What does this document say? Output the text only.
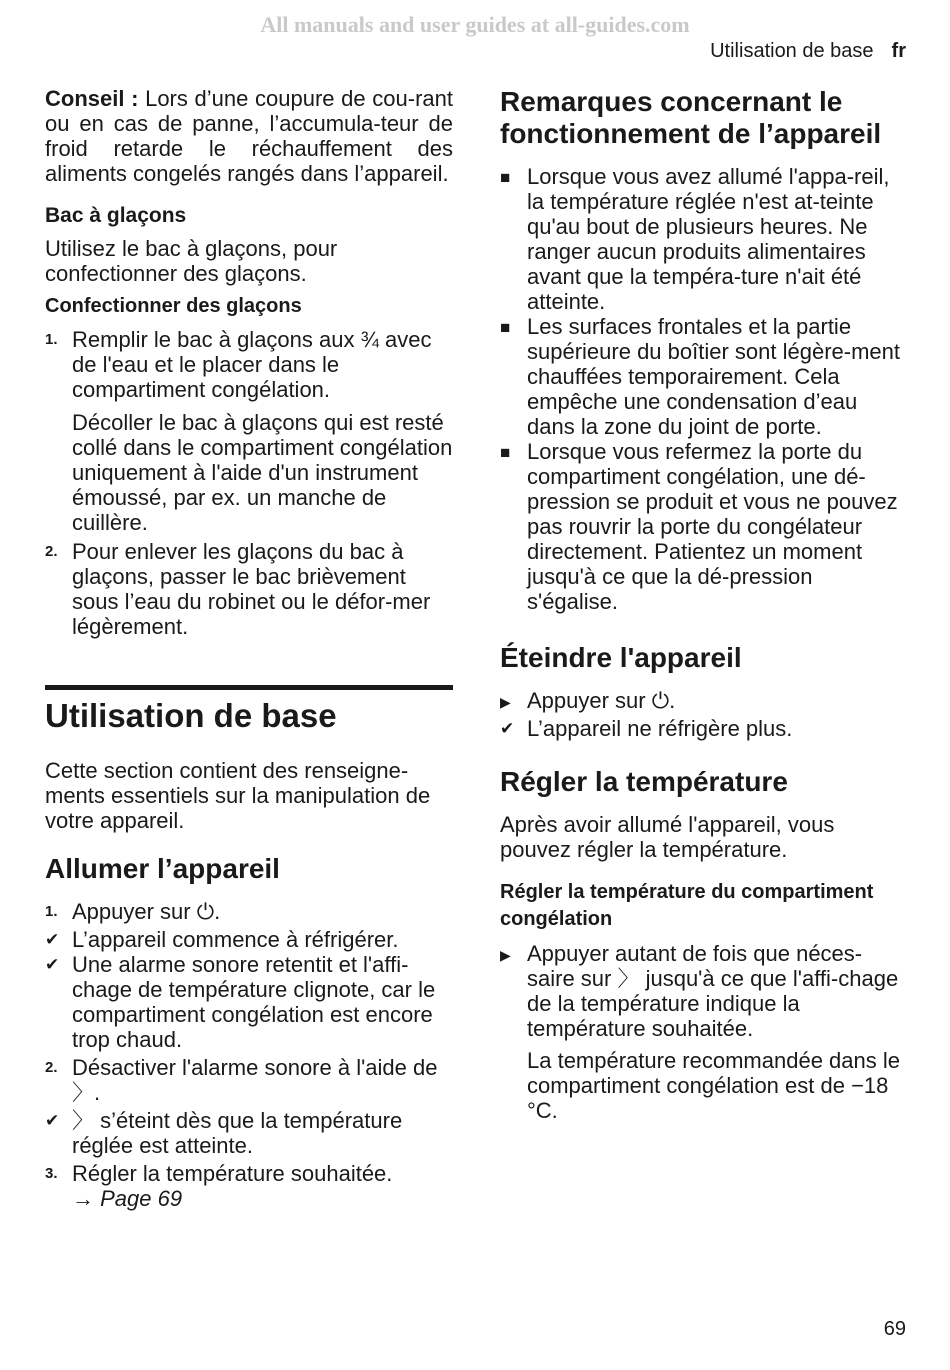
All manuals and user guides at all-guides.com
Utilisation de base fr

Conseil : Lors d’une coupure de cou-rant ou en cas de panne, l’accumula-teur de froid retarde le réchauffement des aliments congelés rangés dans l’appareil.

Bac à glaçons

Utilisez le bac à glaçons, pour confectionner des glaçons.

Confectionner des glaçons
1. Remplir le bac à glaçons aux ¾ avec de l'eau et le placer dans le compartiment congélation.
Décoller le bac à glaçons qui est resté collé dans le compartiment congélation uniquement à l'aide d'un instrument émoussé, par ex. un manche de cuillère.
2. Pour enlever les glaçons du bac à glaçons, passer le bac brièvement sous l’eau du robinet ou le défor-mer légèrement.
Utilisation de base

Cette section contient des renseigne-ments essentiels sur la manipulation de votre appareil.

Allumer l’appareil
1. Appuyer sur ⏻.
✔ L’appareil commence à réfrigérer.
✔ Une alarme sonore retentit et l'affi-chage de température clignote, car le compartiment congélation est encore trop chaud.
2. Désactiver l'alarme sonore à l'aide de 〉.
✔ 〉 s’éteint dès que la température réglée est atteinte.
3. Régler la température souhaitée.
→ Page 69
Remarques concernant le fonctionnement de l’appareil
■ Lorsque vous avez allumé l'appa-reil, la température réglée n'est at-teinte qu'au bout de plusieurs heures. Ne ranger aucun produits alimentaires avant que la tempéra-ture n'ait été atteinte.
■ Les surfaces frontales et la partie supérieure du boîtier sont légère-ment chauffées temporairement. Cela empêche une condensation d’eau dans la zone du joint de porte.
■ Lorsque vous refermez la porte du compartiment congélation, une dé-pression se produit et vous ne pouvez pas rouvrir la porte du congélateur directement. Patientez un moment jusqu'à ce que la dé-pression s'égalise.
Éteindre l'appareil
▶ Appuyer sur ⏻.
✔ L’appareil ne réfrigère plus.
Régler la température

Après avoir allumé l'appareil, vous pouvez régler la température.

Régler la température du compartiment congélation
▶ Appuyer autant de fois que néces-saire sur 〉 jusqu'à ce que l'affi-chage de la température indique la température souhaitée.
La température recommandée dans le compartiment congélation est de −18 °C.
69
